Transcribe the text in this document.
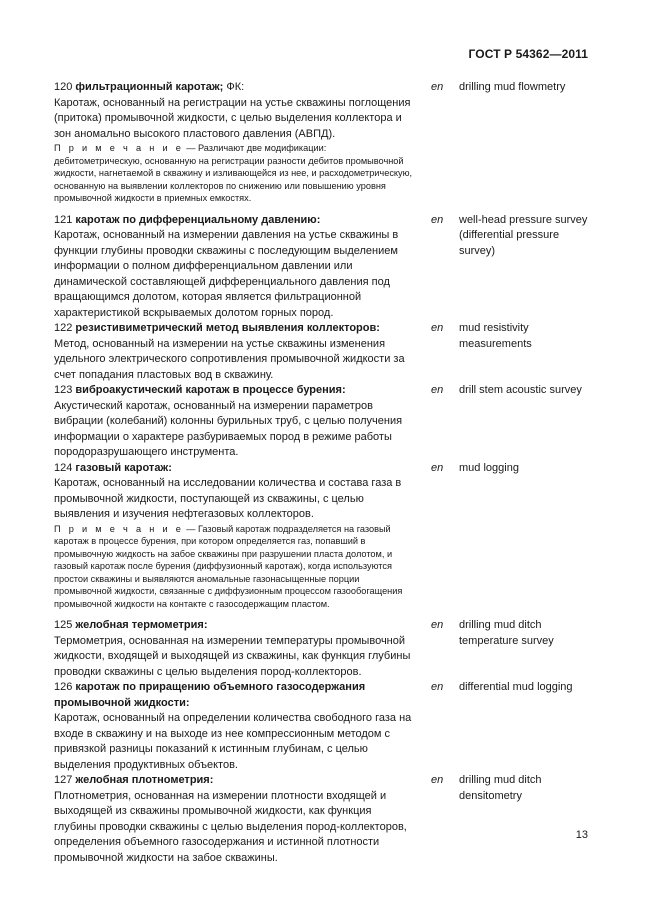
ГОСТ Р 54362—2011

120 фильтрационный каротаж; ФК:

Каротаж, основанный на регистрации на устье скважины поглощения (притока) промывочной жидкости, с целью выделения коллектора и зон аномально высокого пластового давления (АВПД).

П р и м е ч а н и е — Различают две модификации: дебитометрическую, основанную на регистрации разности дебитов промывочной жидкости, нагнетаемой в скважину и изливающейся из нее, и расходометрическую, основанную на выявлении коллекторов по снижению или повышению уровня промывочной жидкости в приемных емкостях.

en drilling mud flowmetry

121 каротаж по дифференциальному давлению:

Каротаж, основанный на измерении давления на устье скважины в функции глубины проводки скважины с последующим выделением информации о полном дифференциальном давлении или динамической составляющей дифференциального давления под вращающимся долотом, которая является фильтрационной характеристикой вскрываемых долотом горных пород.

en well-head pressure survey (differential pressure survey)

122 резистивиметрический метод выявления коллекторов:

Метод, основанный на измерении на устье скважины изменения удельного электрического сопротивления промывочной жидкости за счет попадания пластовых вод в скважину.

en mud resistivity measurements

123 виброакустический каротаж в процессе бурения:

Акустический каротаж, основанный на измерении параметров вибрации (колебаний) колонны бурильных труб, с целью получения информации о характере разбуриваемых пород в режиме работы породоразрушающего инструмента.

en drill stem acoustic survey

124 газовый каротаж:

Каротаж, основанный на исследовании количества и состава газа в промывочной жидкости, поступающей из скважины, с целью выявления и изучения нефтегазовых коллекторов.

П р и м е ч а н и е — Газовый каротаж подразделяется на газовый каротаж в процессе бурения, при котором определяется газ, попавший в промывочную жидкость на забое скважины при разрушении пласта долотом, и газовый каротаж после бурения (диффузионный каротаж), когда используются простои скважины и выявляются аномальные газонасыщенные порции промывочной жидкости, связанные с диффузионным процессом газообогащения промывочной жидкости на контакте с газосодержащим пластом.

en mud logging

125 желобная термометрия:

Термометрия, основанная на измерении температуры промывочной жидкости, входящей и выходящей из скважины, как функция глубины проводки скважины с целью выделения пород-коллекторов.

en drilling mud ditch temperature survey

126 каротаж по приращению объемного газосодержания промывочной жидкости:

Каротаж, основанный на определении количества свободного газа на входе в скважину и на выходе из нее компрессионным методом с привязкой разницы показаний к истинным глубинам, с целью выделения продуктивных объектов.

en differential mud logging

127 желобная плотнометрия:

Плотнометрия, основанная на измерении плотности входящей и выходящей из скважины промывочной жидкости, как функция глубины проводки скважины с целью выделения пород-коллекторов, определения объемного газосодержания и истинной плотности промывочной жидкости на забое скважины.

en drilling mud ditch densitometry
13
